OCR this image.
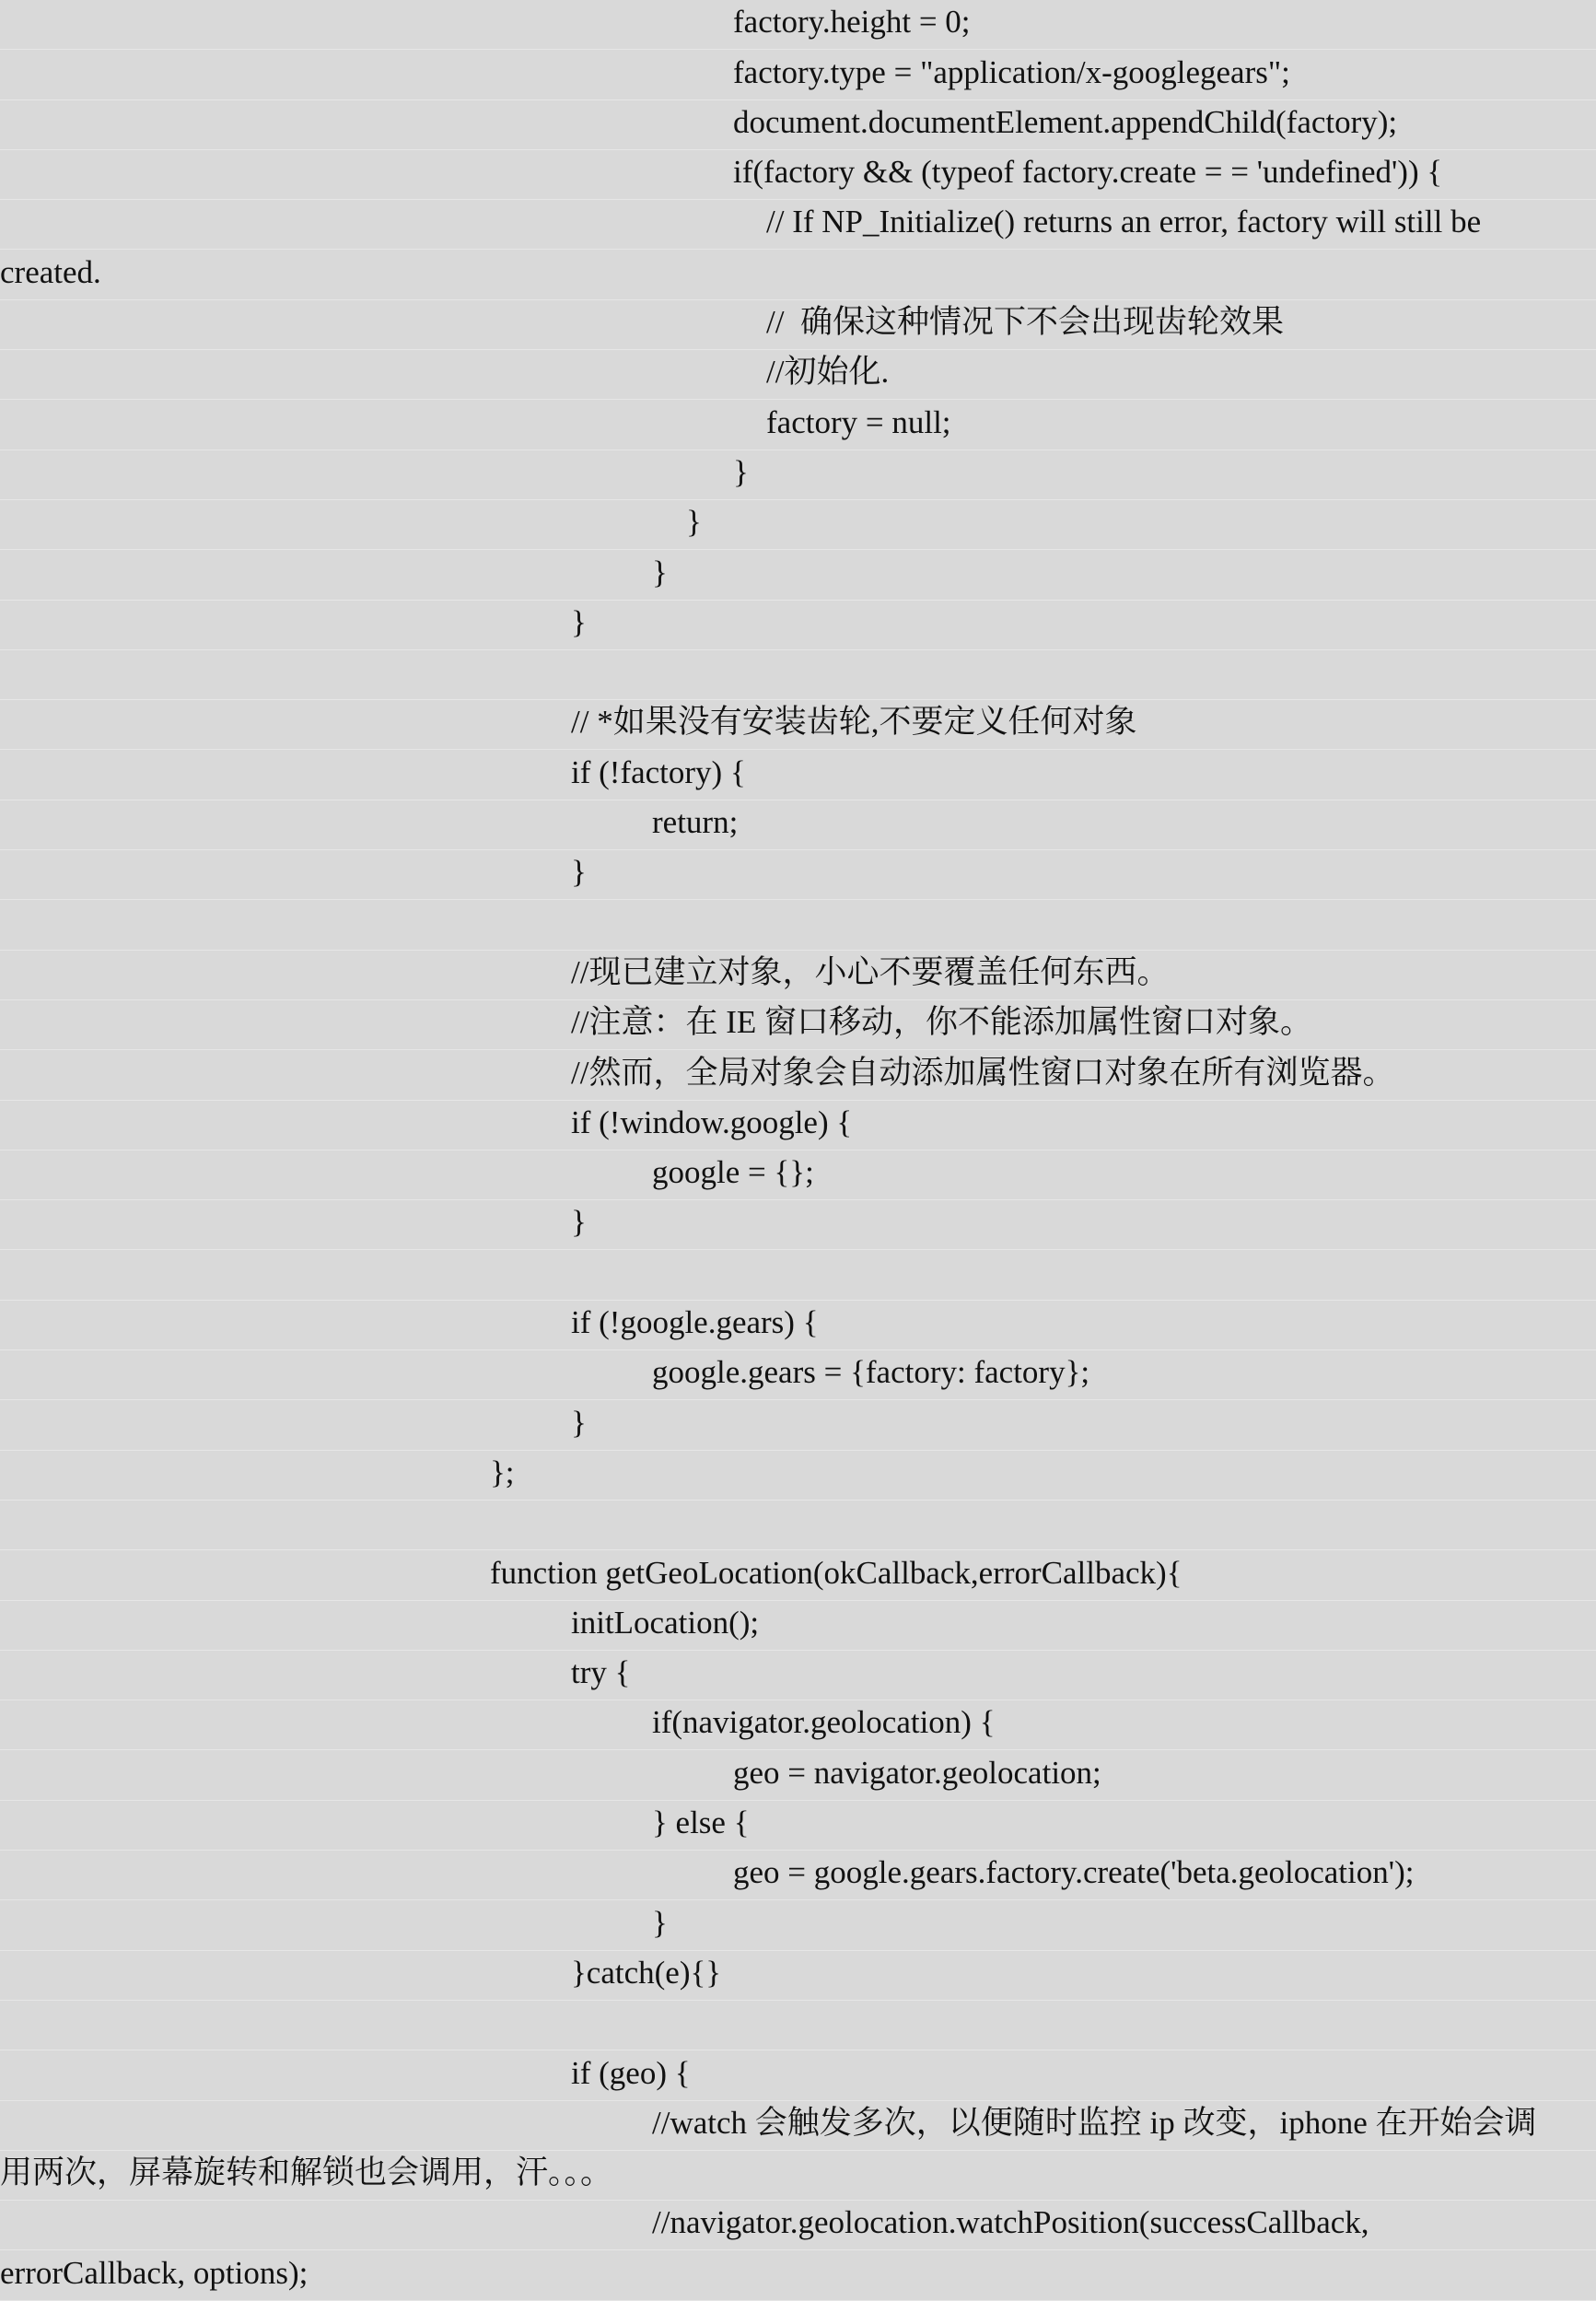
factory.height = 0;
factory.type = "application/x-googlegears";
document.documentElement.appendChild(factory);
if(factory && (typeof factory.create = = 'undefined')) {
// If NP_Initialize() returns an error, factory will still be
created.
//  确保这种情况下不会出现齿轮效果
//初始化.
factory = null;
}
}
}
}
// *如果没有安装齿轮,不要定义任何对象
if (!factory) {
return;
}
//现已建立对象，小心不要覆盖任何东西。
//注意：在 IE 窗口移动，你不能添加属性窗口对象。
//然而，全局对象会自动添加属性窗口对象在所有浏览器。
if (!window.google) {
google = {};
}
if (!google.gears) {
google.gears = {factory: factory};
}
};
function getGeoLocation(okCallback,errorCallback){
initLocation();
try {
if(navigator.geolocation) {
geo = navigator.geolocation;
} else {
geo = google.gears.factory.create('beta.geolocation');
}
}catch(e){}
if (geo) {
//watch 会触发多次，以便随时监控 ip 改变，iphone 在开始会调
用两次，屏幕旋转和解锁也会调用，汗。。。
//navigator.geolocation.watchPosition(successCallback,
errorCallback, options);
